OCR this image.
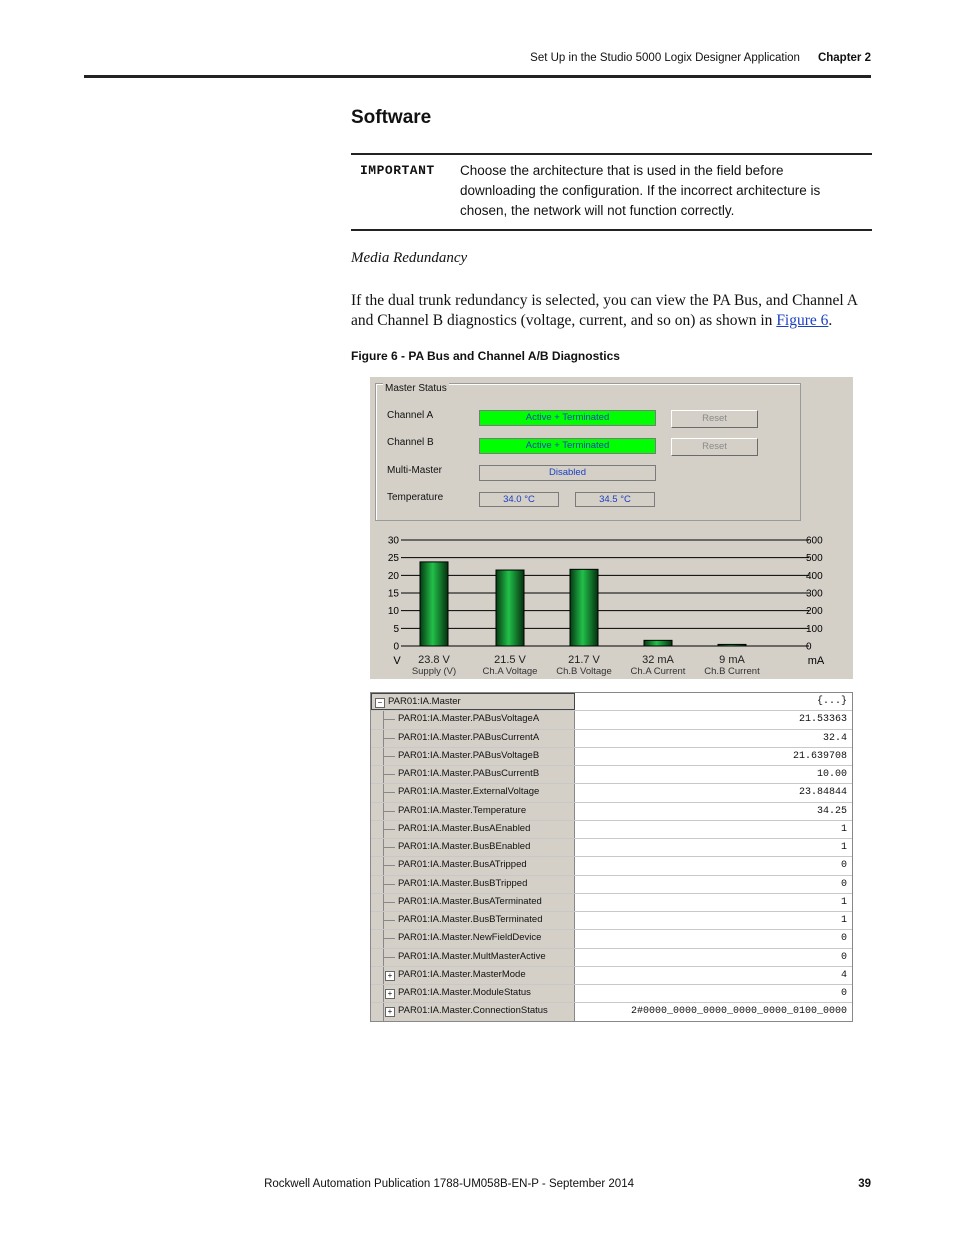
Set Up in the Studio 5000 Logix Designer Application Chapter 2
Software
IMPORTANT Choose the architecture that is used in the field before downloading the configuration. If the incorrect architecture is chosen, the network will not function correctly.
Media Redundancy
If the dual trunk redundancy is selected, you can view the PA Bus, and Channel A and Channel B diagnostics (voltage, current, and so on) as shown in Figure 6.
Figure 6 - PA Bus and Channel A/B Diagnostics
Master Status
Channel A	Active + Terminated	Reset
Channel B	Active + Terminated	Reset
Multi-Master	Disabled
Temperature	34.0 °C	34.5 °C
0
5
10
15
20
25
30
0
100
200
300
400
500
600
V	mA
23.8 V
Supply (V)
21.5 V
Ch.A Voltage
21.7 V
Ch.B Voltage
32 mA
Ch.A Current
9 mA
Ch.B Current
− PAR01:IA.Master	{...}
PAR01:IA.Master.PABusVoltageA	21.53363
PAR01:IA.Master.PABusCurrentA	32.4
PAR01:IA.Master.PABusVoltageB	21.639708
PAR01:IA.Master.PABusCurrentB	10.00
PAR01:IA.Master.ExternalVoltage	23.84844
PAR01:IA.Master.Temperature	34.25
PAR01:IA.Master.BusAEnabled	1
PAR01:IA.Master.BusBEnabled	1
PAR01:IA.Master.BusATripped	0
PAR01:IA.Master.BusBTripped	0
PAR01:IA.Master.BusATerminated	1
PAR01:IA.Master.BusBTerminated	1
PAR01:IA.Master.NewFieldDevice	0
PAR01:IA.Master.MultMasterActive	0
+ PAR01:IA.Master.MasterMode	4
+ PAR01:IA.Master.ModuleStatus	0
+ PAR01:IA.Master.ConnectionStatus	2#0000_0000_0000_0000_0000_0100_0000
Rockwell Automation Publication 1788-UM058B-EN-P - September 2014	39
